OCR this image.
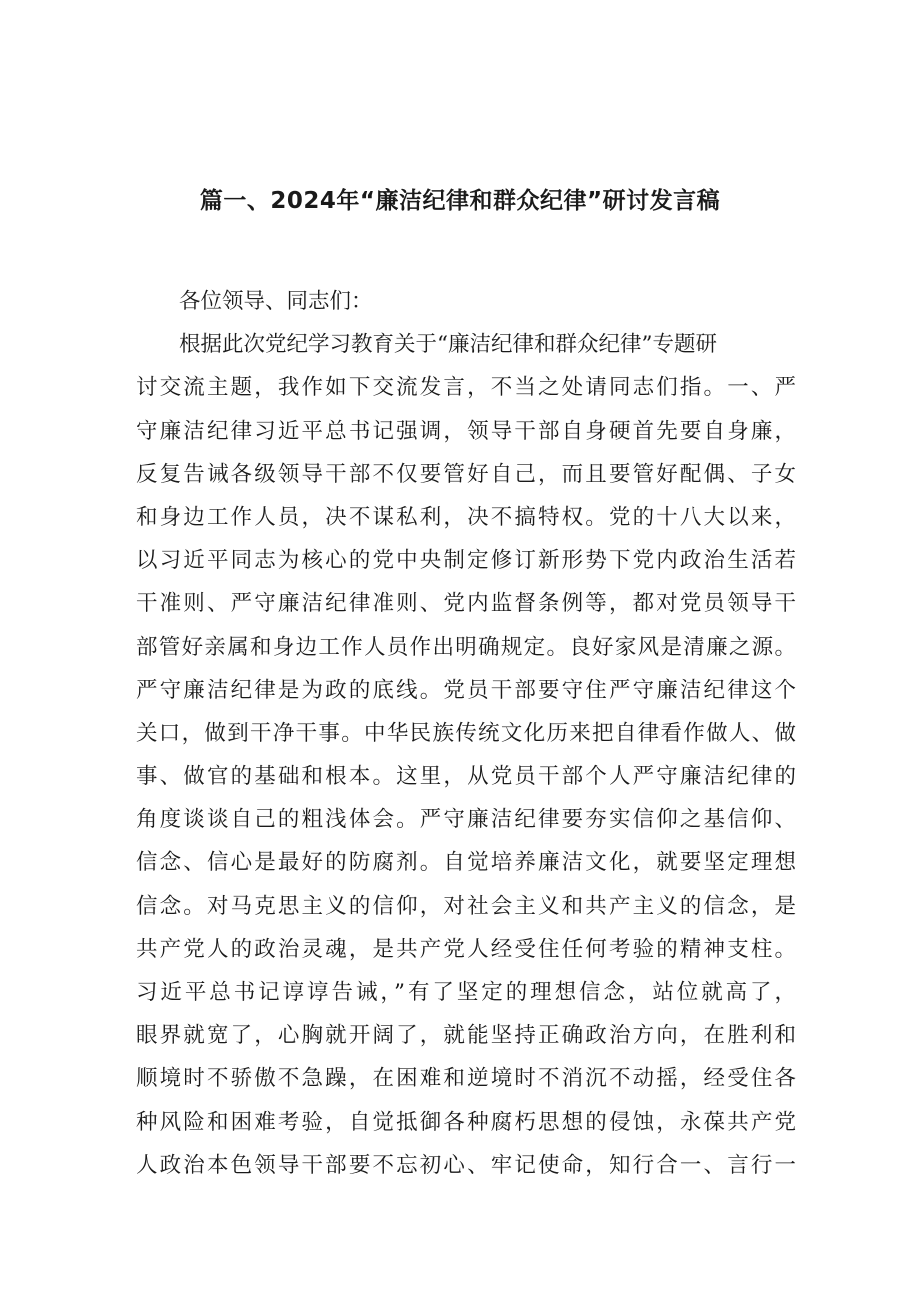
篇一、2024年“廉洁纪律和群众纪律”研讨发言稿
各位领导、同志们：
根据此次党纪学习教育关于“廉洁纪律和群众纪律”专题研
讨交流主题，我作如下交流发言，不当之处请同志们指。一、严
守廉洁纪律习近平总书记强调，领导干部自身硬首先要自身廉，
反复告诫各级领导干部不仅要管好自己，而且要管好配偶、子女
和身边工作人员，决不谋私利，决不搞特权。党的十八大以来，
以习近平同志为核心的党中央制定修订新形势下党内政治生活若
干准则、严守廉洁纪律准则、党内监督条例等，都对党员领导干
部管好亲属和身边工作人员作出明确规定。良好家风是清廉之源。
严守廉洁纪律是为政的底线。党员干部要守住严守廉洁纪律这个
关口，做到干净干事。中华民族传统文化历来把自律看作做人、做
事、做官的基础和根本。这里，从党员干部个人严守廉洁纪律的
角度谈谈自己的粗浅体会。严守廉洁纪律要夯实信仰之基信仰、
信念、信心是最好的防腐剂。自觉培养廉洁文化，就要坚定理想
信念。对马克思主义的信仰，对社会主义和共产主义的信念，是
共产党人的政治灵魂，是共产党人经受住任何考验的精神支柱。
习近平总书记谆谆告诫，”有了坚定的理想信念，站位就高了，
眼界就宽了，心胸就开阔了，就能坚持正确政治方向，在胜利和
顺境时不骄傲不急躁，在困难和逆境时不消沉不动摇，经受住各
种风险和困难考验，自觉抵御各种腐朽思想的侵蚀，永葆共产党
人政治本色领导干部要不忘初心、牢记使命，知行合一、言行一
